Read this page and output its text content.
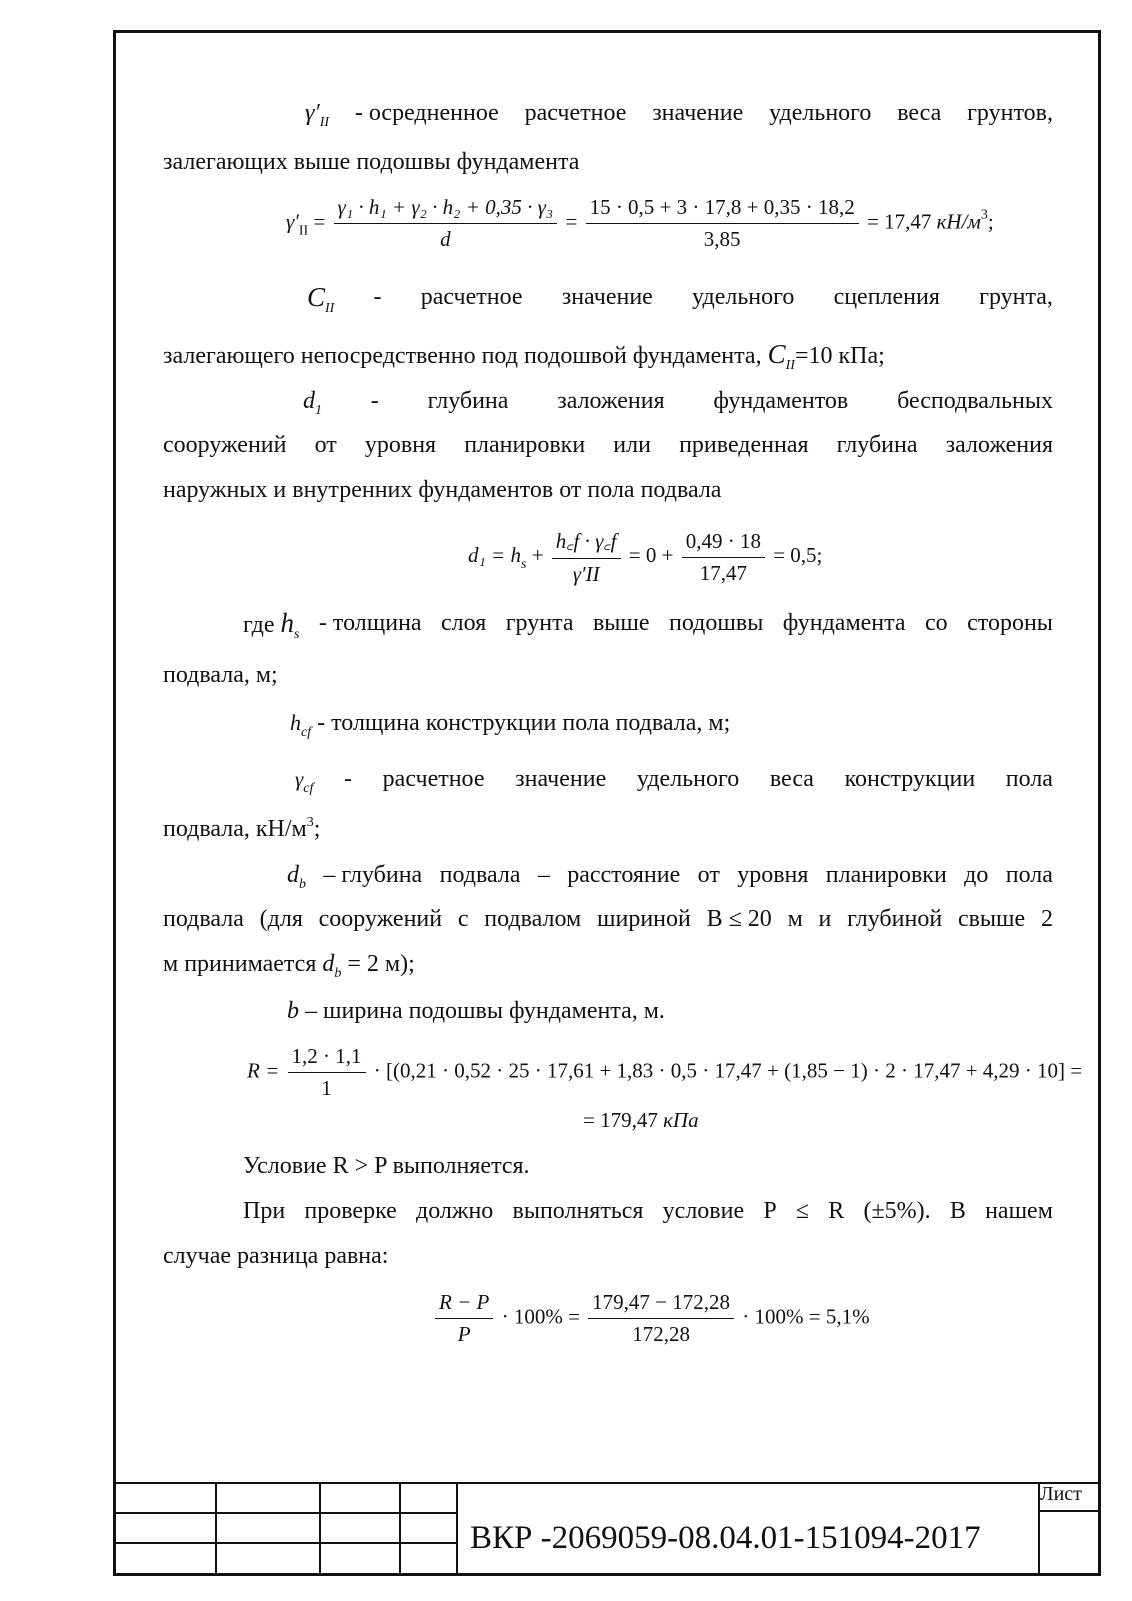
$\gamma'_{II}$ - осредненное расчетное значение удельного веса грунтов,
залегающих выше подошвы фундамента
$\gamma'_{II} = \frac{\text{γ₁ · h₁ + γ₂ · h₂ + 0,35 · γ₃}}{d} = \frac{15 \cdot 0,5 + 3 \cdot 17,8 + 0,35 \cdot 18,2}{3,85} = 17,47$ $кН/м^3$;
$C_{II}$ - расчетное значение удельного сцепления грунта,
залегающего непосредственно под подошвой фундамента, $C_{II}=10$ кПа;
$d_1$ - глубина заложения фундаментов бесподвальных
сооружений от уровня планировки или приведенная глубина заложения
наружных и внутренних фундаментов от пола подвала
$d_1 = h_s + \frac{h꜀f \cdot \gamma꜀f}{\gamma'II} = 0 + \frac{0,49 \cdot 18}{17,47} = 0,5$;
где $h_s$ - толщина слоя грунта выше подошвы фундамента со стороны
подвала, м;
$h_{cf}$ - толщина конструкции пола подвала, м;
$\gamma_{cf}$ - расчетное значение удельного веса конструкции пола
подвала, $кН/м^3$;
$d_b$ – глубина подвала – расстояние от уровня планировки до пола
подвала (для сооружений с подвалом шириной В ≤ 20 м и глубиной свыше 2
м принимается $d_b = 2$ м);
b – ширина подошвы фундамента, м.
$R = \frac{1,2 \cdot 1,1}{1} \cdot [(0,21 \cdot 0,52 \cdot 25 \cdot 17,61 + 1,83 \cdot 0,5 \cdot 17,47 + (1,85 - 1) \cdot 2 \cdot 17,47 + 4,29 \cdot 10]$ =
= 179,47 кПа
Условие R > P выполняется.
При проверке должно выполняться условие Р ≤ R (±5%). В нашем
случае разница равна:
$\frac{R - P}{P} \cdot 100\% = \frac{179,47 - 172,28}{172,28} \cdot 100\% = 5,1\%$
Лист
ВКР -2069059-08.04.01-151094-2017
